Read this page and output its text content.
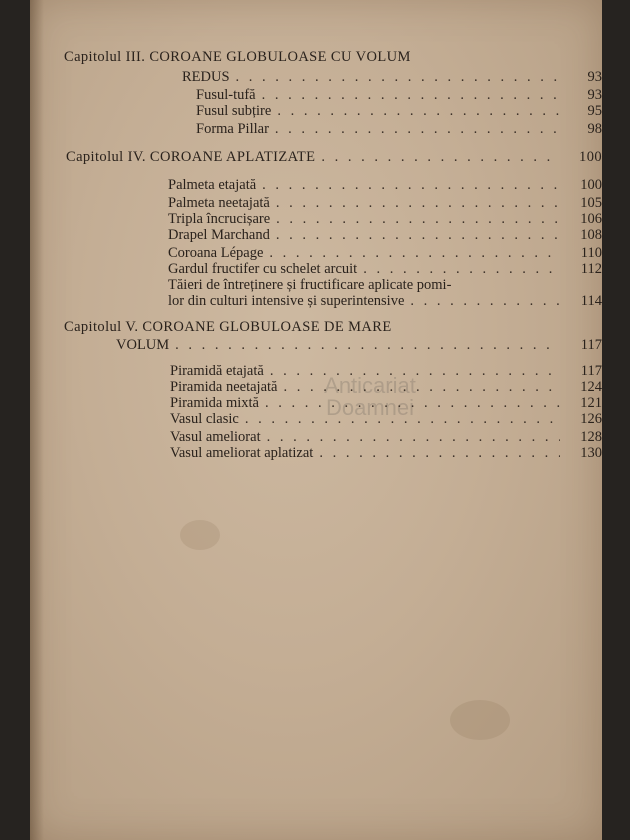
Anticariat Doamnei
Capitolul III. COROANE GLOBULOASE CU VOLUM
REDUS . . .	93
Fusul-tufă . . .	93
Fusul subțire . . .	95
Forma Pillar . . .	98
Capitolul IV. COROANE APLATIZATE . . .	100
Palmeta etajată . . .	100
Palmeta neetajată . . .	105
Tripla încrucișare . . .	106
Drapel Marchand . . .	108
Coroana Lépage . . .	110
Gardul fructifer cu schelet arcuit . . .	112
Tăieri de întreținere și fructificare aplicate pomi-
lor din culturi intensive și superintensive . . .	114
Capitolul V. COROANE GLOBULOASE DE MARE
VOLUM . . .	117
Piramidă etajată . . .	117
Piramida neetajată . . .	124
Piramida mixtă . . .	121
Vasul clasic . . .	126
Vasul ameliorat . . .	128
Vasul ameliorat aplatizat . . .	130
